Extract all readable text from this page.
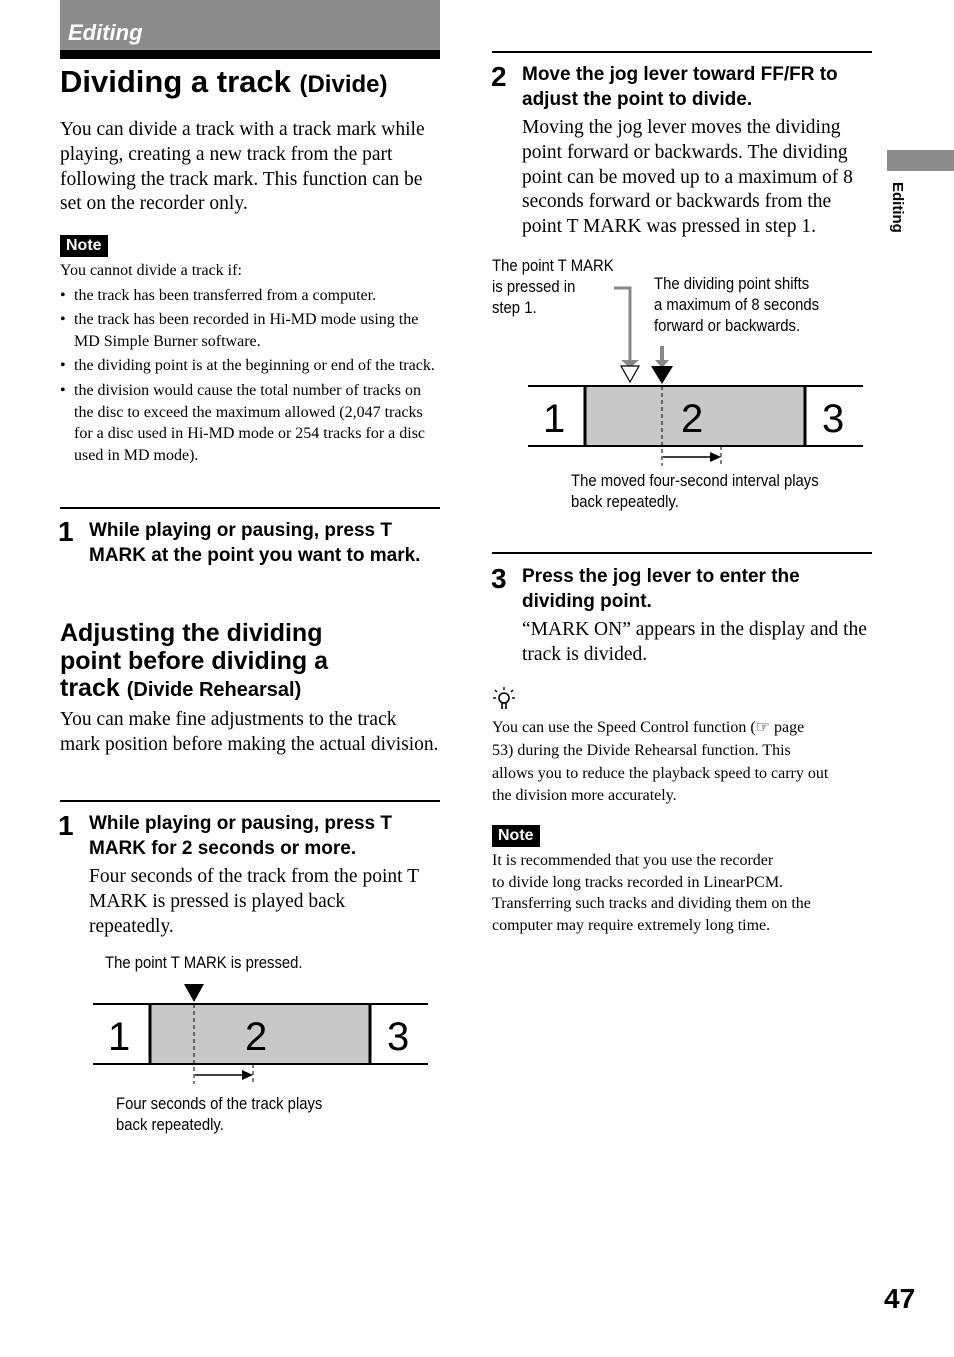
Editing
Dividing a track (Divide)
You can divide a track with a track mark while playing, creating a new track from the part following the track mark. This function can be set on the recorder only.
Note
You cannot divide a track if:
• the track has been transferred from a computer.
• the track has been recorded in Hi-MD mode using the MD Simple Burner software.
• the dividing point is at the beginning or end of the track.
• the division would cause the total number of tracks on the disc to exceed the maximum allowed (2,047 tracks for a disc used in Hi-MD mode or 254 tracks for a disc used in MD mode).
1 While playing or pausing, press T MARK at the point you want to mark.
Adjusting the dividing
point before dividing a
track (Divide Rehearsal)
You can make fine adjustments to the track mark position before making the actual division.
1 While playing or pausing, press T MARK for 2 seconds or more.
Four seconds of the track from the point T MARK is pressed is played back repeatedly.
The point T MARK is pressed.
1	2	3
Four seconds of the track plays
back repeatedly.
2 Move the jog lever toward FF/FR to adjust the point to divide.
Moving the jog lever moves the dividing point forward or backwards. The dividing point can be moved up to a maximum of 8 seconds forward or backwards from the point T MARK was pressed in step 1.
The point T MARK
is pressed in
step 1.
The dividing point shifts
a maximum of 8 seconds
forward or backwards.
1	2	3
The moved four-second interval plays
back repeatedly.
3 Press the jog lever to enter the dividing point.
“MARK ON” appears in the display and the track is divided.
You can use the Speed Control function (☞ page
53) during the Divide Rehearsal function. This
allows you to reduce the playback speed to carry out
the division more accurately.
Note
It is recommended that you use the recorder
to divide long tracks recorded in LinearPCM.
Transferring such tracks and dividing them on the
computer may require extremely long time.
Editing
47
